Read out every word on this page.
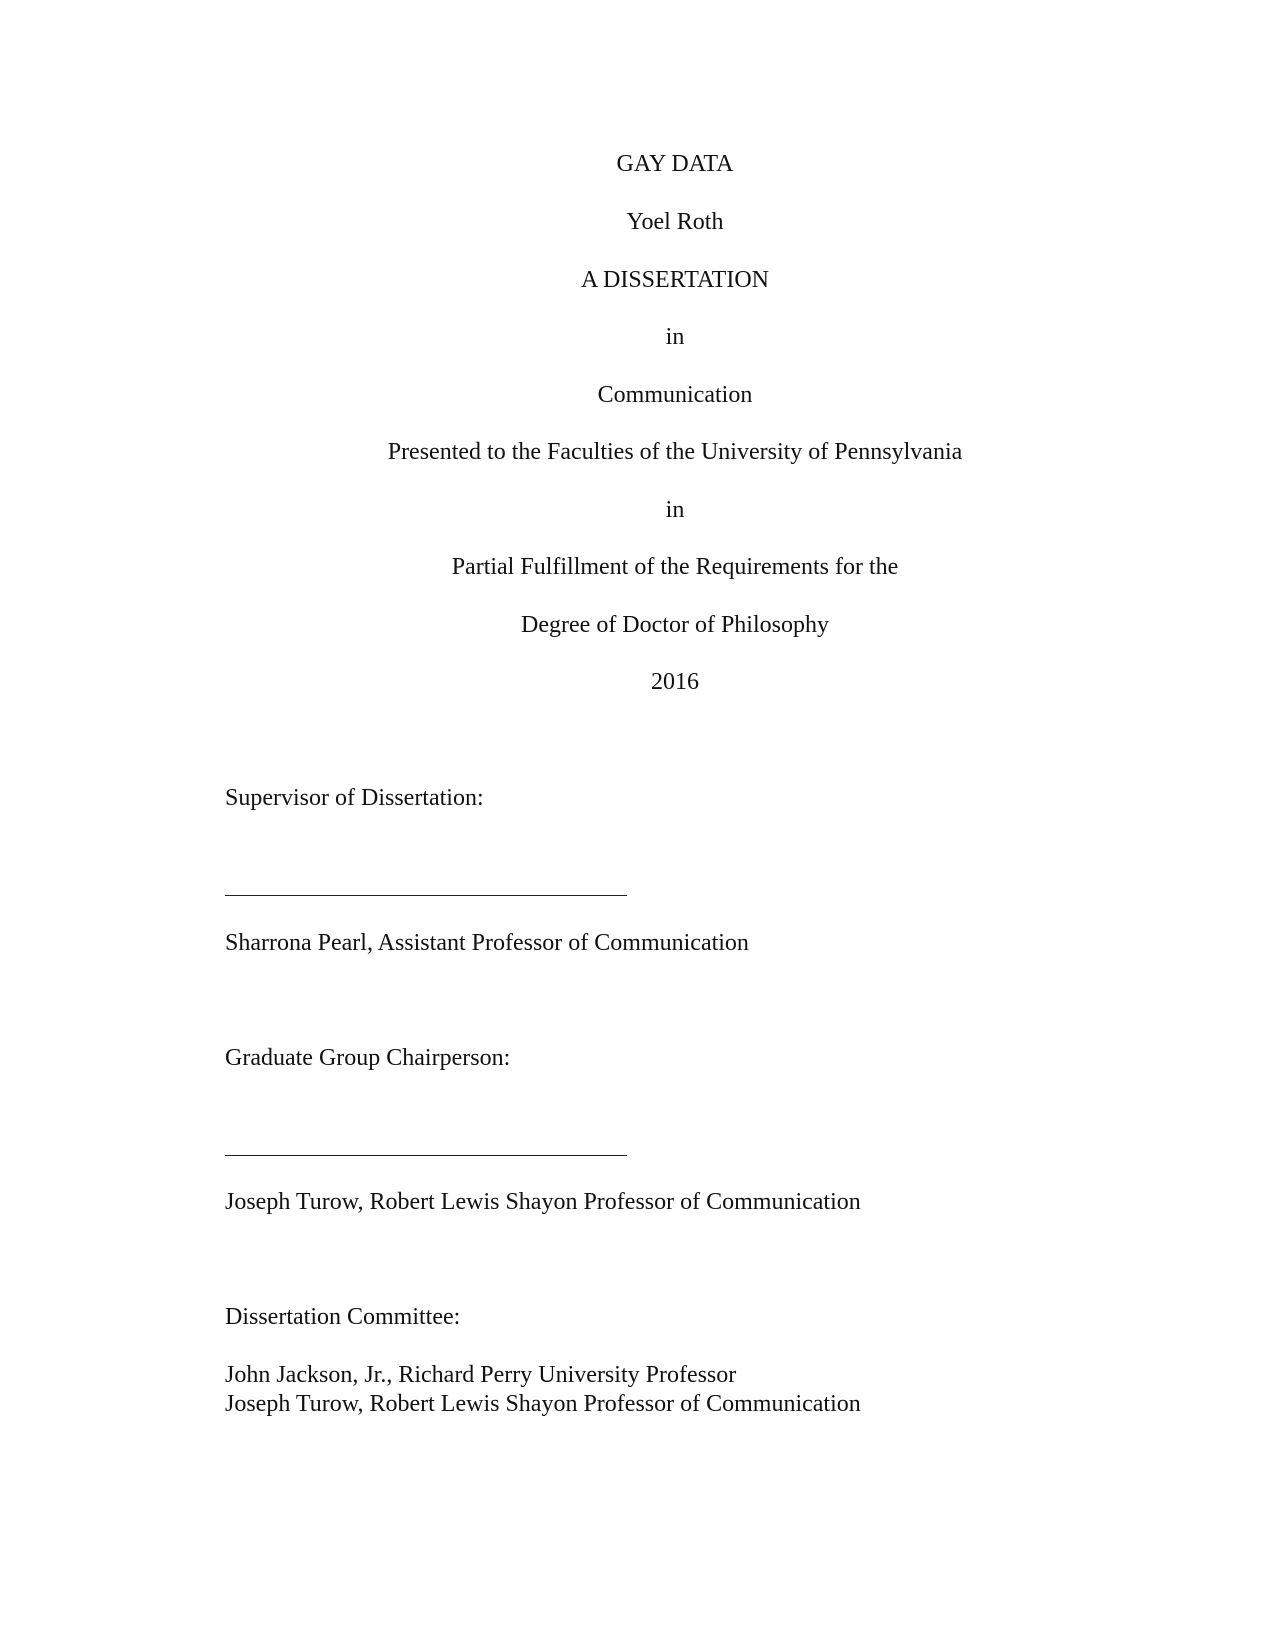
GAY DATA
Yoel Roth
A DISSERTATION
in
Communication
Presented to the Faculties of the University of Pennsylvania
in
Partial Fulfillment of the Requirements for the
Degree of Doctor of Philosophy
2016
Supervisor of Dissertation:
Sharrona Pearl, Assistant Professor of Communication
Graduate Group Chairperson:
Joseph Turow, Robert Lewis Shayon Professor of Communication
Dissertation Committee:
John Jackson, Jr., Richard Perry University Professor
Joseph Turow, Robert Lewis Shayon Professor of Communication
